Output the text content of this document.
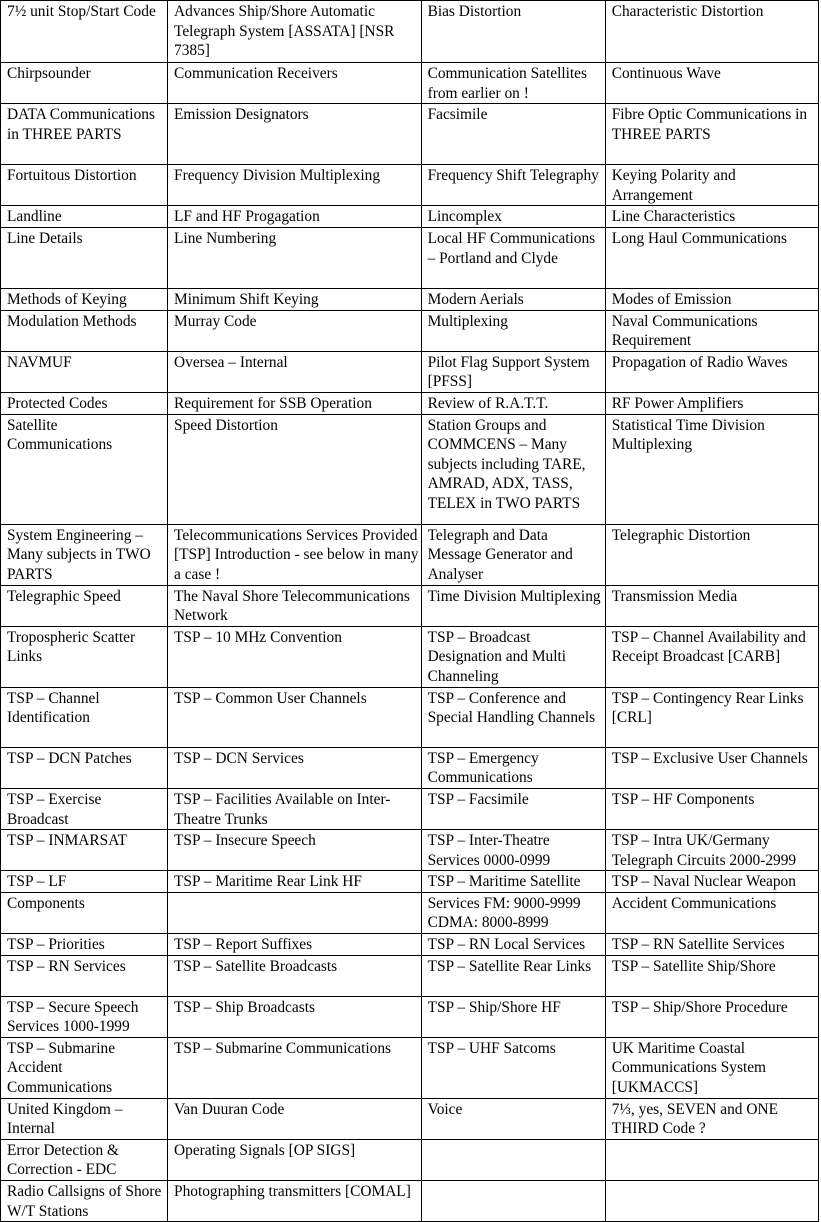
7½ unit Stop/Start Code	Advances Ship/Shore Automatic Telegraph System [ASSATA] [NSR 7385]	Bias Distortion	Characteristic Distortion
Chirpsounder	Communication Receivers	Communication Satellites from earlier on !	Continuous Wave
DATA Communications in THREE PARTS	Emission Designators	Facsimile	Fibre Optic Communications in THREE PARTS
Fortuitous Distortion	Frequency Division Multiplexing	Frequency Shift Telegraphy	Keying Polarity and Arrangement
Landline	LF and HF Progagation	Lincomplex	Line Characteristics
Line Details	Line Numbering	Local HF Communications – Portland and Clyde	Long Haul Communications
Methods of Keying	Minimum Shift Keying	Modern Aerials	Modes of Emission
Modulation Methods	Murray Code	Multiplexing	Naval Communications Requirement
NAVMUF	Oversea – Internal	Pilot Flag Support System [PFSS]	Propagation of Radio Waves
Protected Codes	Requirement for SSB Operation	Review of R.A.T.T.	RF Power Amplifiers
Satellite Communications	Speed Distortion	Station Groups and COMMCENS – Many subjects including TARE, AMRAD, ADX, TASS, TELEX in TWO PARTS	Statistical Time Division Multiplexing
System Engineering – Many subjects in TWO PARTS	Telecommunications Services Provided [TSP] Introduction - see below in many a case !	Telegraph and Data Message Generator and Analyser	Telegraphic Distortion
Telegraphic Speed	The Naval Shore Telecommunications Network	Time Division Multiplexing	Transmission Media
Tropospheric Scatter Links	TSP – 10 MHz Convention	TSP – Broadcast Designation and Multi Channeling	TSP – Channel Availability and Receipt Broadcast [CARB]
TSP – Channel Identification	TSP – Common User Channels	TSP – Conference and Special Handling Channels	TSP – Contingency Rear Links [CRL]
TSP – DCN Patches	TSP – DCN Services	TSP – Emergency Communications	TSP – Exclusive User Channels
TSP – Exercise Broadcast	TSP – Facilities Available on Inter-Theatre Trunks	TSP – Facsimile	TSP – HF Components
TSP – INMARSAT	TSP – Insecure Speech	TSP – Inter-Theatre Services 0000-0999	TSP – Intra UK/Germany Telegraph Circuits 2000-2999
TSP – LF	TSP – Maritime Rear Link HF	TSP – Maritime Satellite	TSP – Naval Nuclear Weapon
Components		Services FM: 9000-9999 CDMA: 8000-8999	Accident Communications
TSP – Priorities	TSP – Report Suffixes	TSP – RN Local Services	TSP – RN Satellite Services
TSP – RN Services	TSP – Satellite Broadcasts	TSP – Satellite Rear Links	TSP – Satellite Ship/Shore
TSP – Secure Speech Services 1000-1999	TSP – Ship Broadcasts	TSP – Ship/Shore HF	TSP – Ship/Shore Procedure
TSP – Submarine Accident Communications	TSP – Submarine Communications	TSP – UHF Satcoms	UK Maritime Coastal Communications System [UKMACCS]
United Kingdom – Internal	Van Duuran Code	Voice	7⅓, yes, SEVEN and ONE THIRD Code ?
Error Detection & Correction - EDC	Operating Signals [OP SIGS]		
Radio Callsigns of Shore W/T Stations	Photographing transmitters [COMAL]		
